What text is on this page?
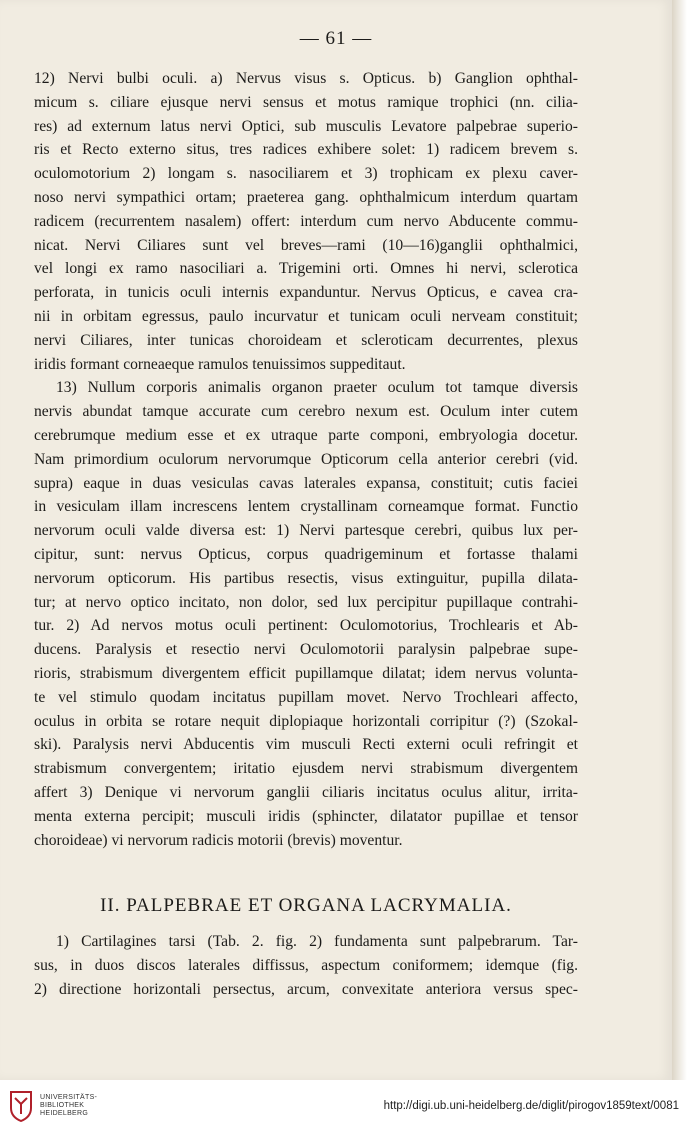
— 61 —
12) Nervi bulbi oculi. a) Nervus visus s. Opticus. b) Ganglion ophthal-
micum s. ciliare ejusque nervi sensus et motus ramique trophici (nn. cilia-
res) ad externum latus nervi Optici, sub musculis Levatore palpebrae superio-
ris et Recto externo situs, tres radices exhibere solet: 1) radicem brevem s.
oculomotorium 2) longam s. nasociliarem et 3) trophicam ex plexu caver-
noso nervi sympathici ortam; praeterea gang. ophthalmicum interdum quartam
radicem (recurrentem nasalem) offert: interdum cum nervo Abducente commu-
nicat. Nervi Ciliares sunt vel breves—rami (10—16)ganglii ophthalmici,
vel longi ex ramo nasociliari a. Trigemini orti. Omnes hi nervi, sclerotica
perforata, in tunicis oculi internis expanduntur. Nervus Opticus, e cavea cra-
nii in orbitam egressus, paulo incurvatur et tunicam oculi nerveam constituit;
nervi Ciliares, inter tunicas choroideam et scleroticam decurrentes, plexus
iridis formant corneaeque ramulos tenuissimos suppeditaut.
13) Nullum corporis animalis organon praeter oculum tot tamque diversis
nervis abundat tamque accurate cum cerebro nexum est. Oculum inter cutem
cerebrumque medium esse et ex utraque parte componi, embryologia docetur.
Nam primordium oculorum nervorumque Opticorum cella anterior cerebri (vid.
supra) eaque in duas vesiculas cavas laterales expansa, constituit; cutis faciei
in vesiculam illam increscens lentem crystallinam corneamque format. Functio
nervorum oculi valde diversa est: 1) Nervi partesque cerebri, quibus lux per-
cipitur, sunt: nervus Opticus, corpus quadrigeminum et fortasse thalami
nervorum opticorum. His partibus resectis, visus extinguitur, pupilla dilata-
tur; at nervo optico incitato, non dolor, sed lux percipitur pupillaque contrahi-
tur. 2) Ad nervos motus oculi pertinent: Oculomotorius, Trochlearis et Ab-
ducens. Paralysis et resectio nervi Oculomotorii paralysin palpebrae supe-
rioris, strabismum divergentem efficit pupillamque dilatat; idem nervus volunta-
te vel stimulo quodam incitatus pupillam movet. Nervo Trochleari affecto,
oculus in orbita se rotare nequit diplopiaque horizontali corripitur (?) (Szokal-
ski). Paralysis nervi Abducentis vim musculi Recti externi oculi refringit et
strabismum convergentem; iritatio ejusdem nervi strabismum divergentem
affert 3) Denique vi nervorum ganglii ciliaris incitatus oculus alitur, irrita-
menta externa percipit; musculi iridis (sphincter, dilatator pupillae et tensor
choroideae) vi nervorum radicis motorii (brevis) moventur.
II. PALPEBRAE ET ORGANA LACRYMALIA.
1) Cartilagines tarsi (Tab. 2. fig. 2) fundamenta sunt palpebrarum. Tar-
sus, in duos discos laterales diffissus, aspectum coniformem; idemque (fig.
2) directione horizontali persectus, arcum, convexitate anteriora versus spec-
UNIVERSITÄTS-
BIBLIOTHEK
HEIDELBERG
http://digi.ub.uni-heidelberg.de/diglit/pirogov1859text/0081
